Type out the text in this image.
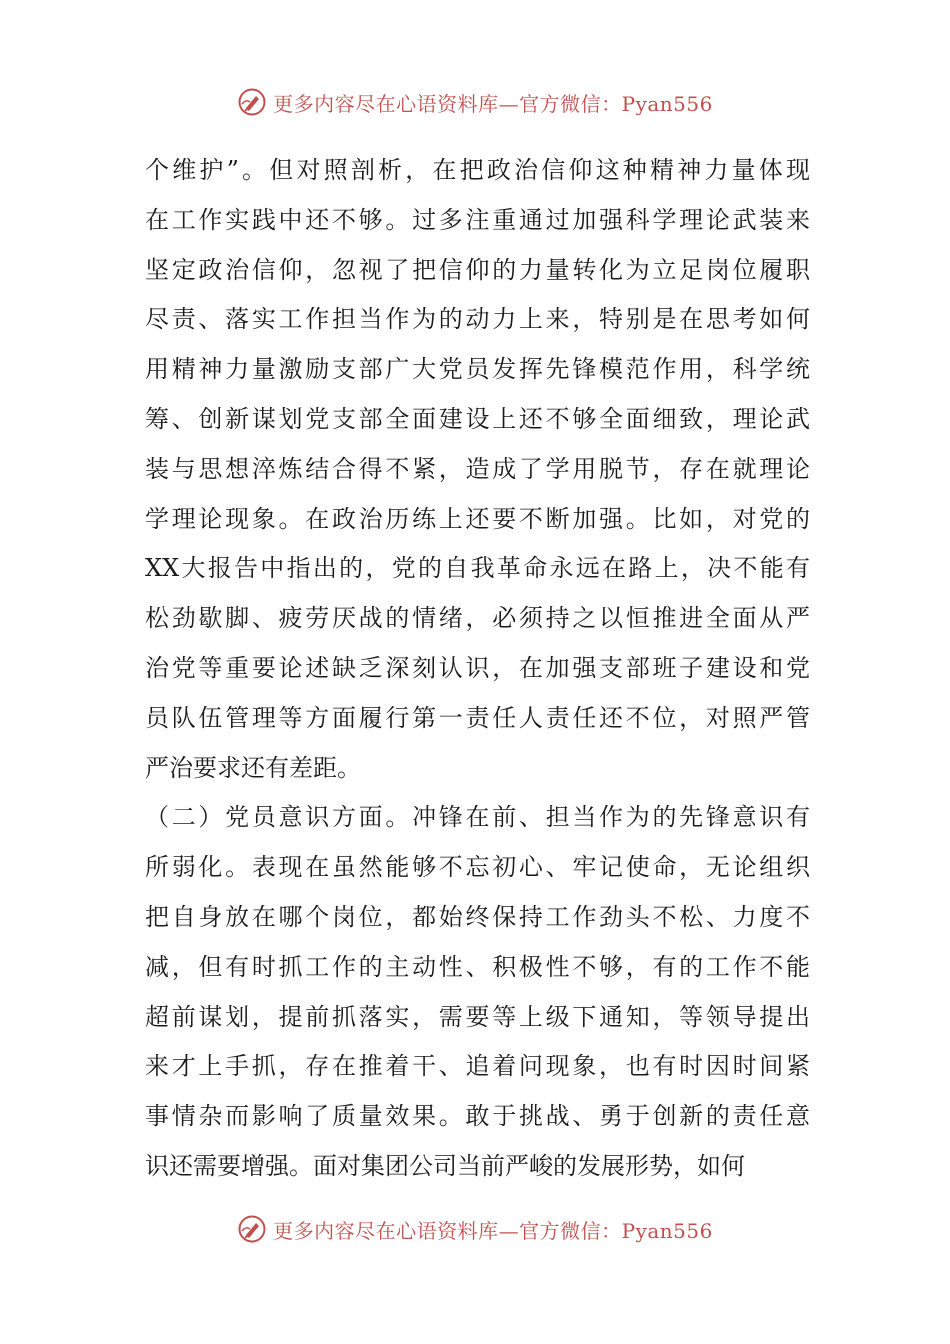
更多内容尽在心语资料库—官方微信：Pyan556
个维护”。但对照剖析，在把政治信仰这种精神力量体现
在工作实践中还不够。过多注重通过加强科学理论武装来
坚定政治信仰，忽视了把信仰的力量转化为立足岗位履职
尽责、落实工作担当作为的动力上来，特别是在思考如何
用精神力量激励支部广大党员发挥先锋模范作用，科学统
筹、创新谋划党支部全面建设上还不够全面细致，理论武
装与思想淬炼结合得不紧，造成了学用脱节，存在就理论
学理论现象。在政治历练上还要不断加强。比如，对党的
XX大报告中指出的，党的自我革命永远在路上，决不能有
松劲歇脚、疲劳厌战的情绪，必须持之以恒推进全面从严
治党等重要论述缺乏深刻认识，在加强支部班子建设和党
员队伍管理等方面履行第一责任人责任还不位，对照严管
严治要求还有差距。
（二）党员意识方面。冲锋在前、担当作为的先锋意识有
所弱化。表现在虽然能够不忘初心、牢记使命，无论组织
把自身放在哪个岗位，都始终保持工作劲头不松、力度不
减，但有时抓工作的主动性、积极性不够，有的工作不能
超前谋划，提前抓落实，需要等上级下通知，等领导提出
来才上手抓，存在推着干、追着问现象，也有时因时间紧
事情杂而影响了质量效果。敢于挑战、勇于创新的责任意
识还需要增强。面对集团公司当前严峻的发展形势，如何
更多内容尽在心语资料库—官方微信：Pyan556
